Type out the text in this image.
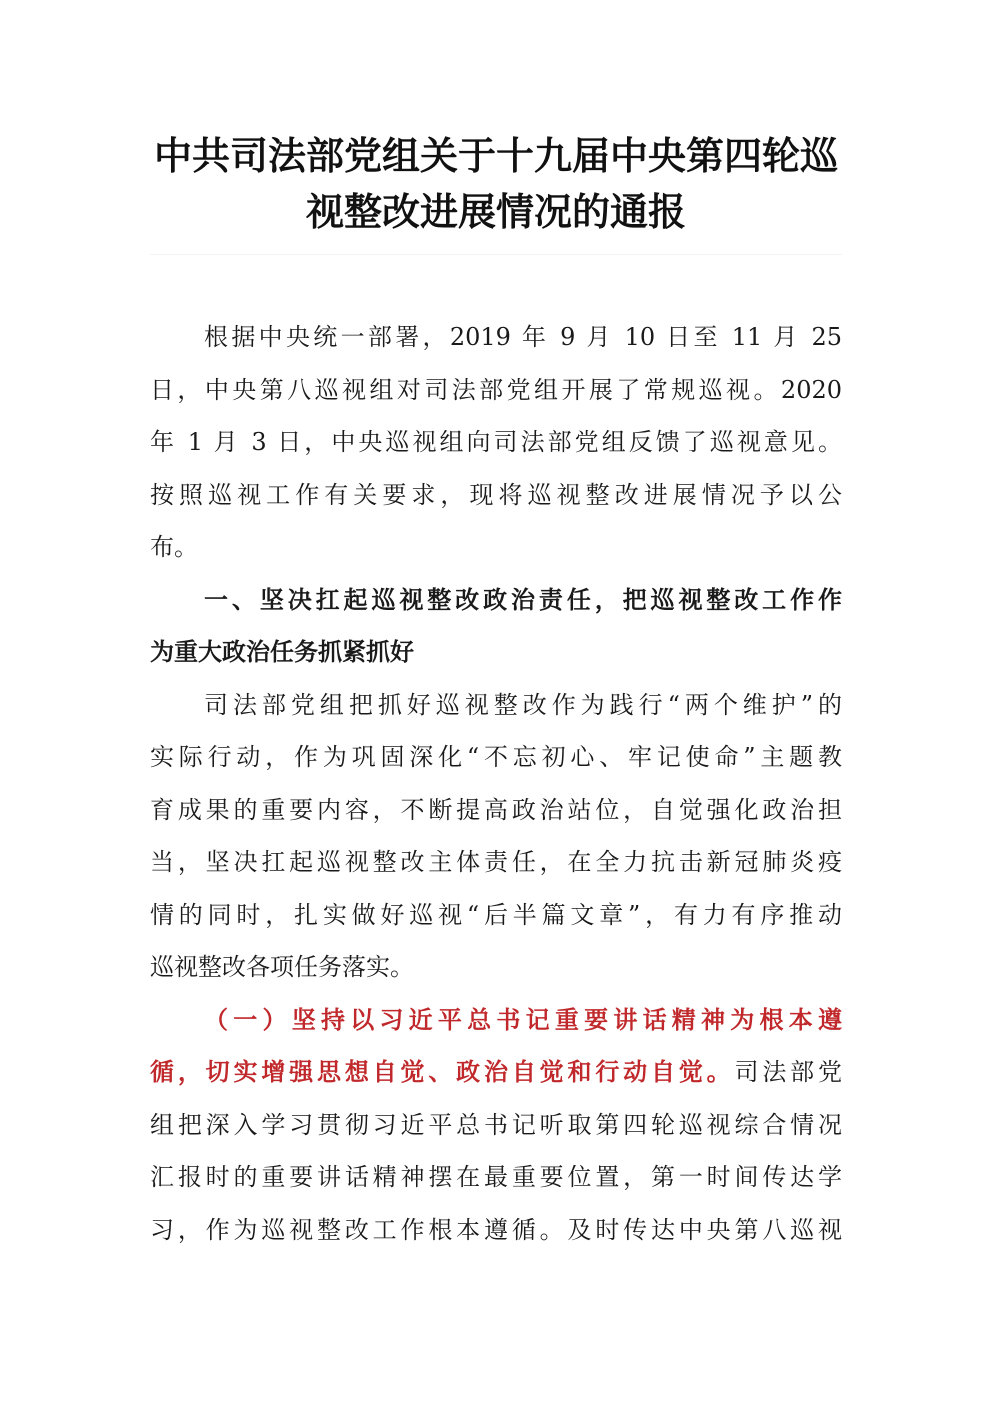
中共司法部党组关于十九届中央第四轮巡
视整改进展情况的通报
根据中央统一部署，2019 年 9 月 10 日至 11 月 25
日，中央第八巡视组对司法部党组开展了常规巡视。2020
年 1 月 3 日，中央巡视组向司法部党组反馈了巡视意见。
按照巡视工作有关要求，现将巡视整改进展情况予以公
布。
一、坚决扛起巡视整改政治责任，把巡视整改工作作
为重大政治任务抓紧抓好
司法部党组把抓好巡视整改作为践行“两个维护”的
实际行动，作为巩固深化“不忘初心、牢记使命”主题教
育成果的重要内容，不断提高政治站位，自觉强化政治担
当，坚决扛起巡视整改主体责任，在全力抗击新冠肺炎疫
情的同时，扎实做好巡视“后半篇文章”，有力有序推动
巡视整改各项任务落实。
（一）坚持以习近平总书记重要讲话精神为根本遵
循，切实增强思想自觉、政治自觉和行动自觉。司法部党
组把深入学习贯彻习近平总书记听取第四轮巡视综合情况
汇报时的重要讲话精神摆在最重要位置，第一时间传达学
习，作为巡视整改工作根本遵循。及时传达中央第八巡视
